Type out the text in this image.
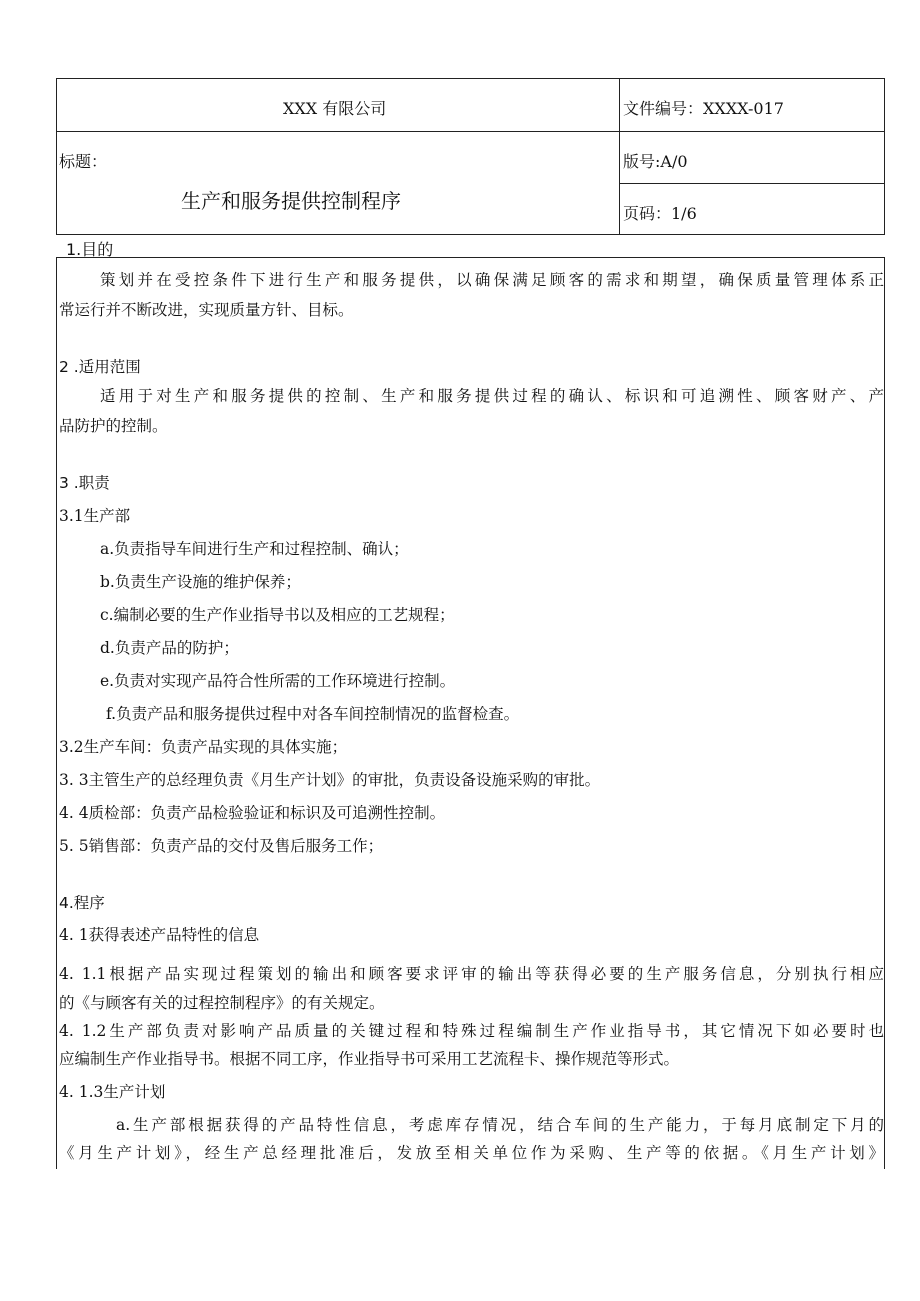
XXX 有限公司	文件编号：XXXX-017
标题：
生产和服务提供控制程序
版号:A/0
页码：1/6
1.目的
策划并在受控条件下进行生产和服务提供，以确保满足顾客的需求和期望，确保质量管理体系正
常运行并不断改进，实现质量方针、目标。
2 .适用范围
适用于对生产和服务提供的控制、生产和服务提供过程的确认、标识和可追溯性、顾客财产、产
品防护的控制。
3 .职责
3.1生产部
a.负责指导车间进行生产和过程控制、确认；
b.负责生产设施的维护保养；
c.编制必要的生产作业指导书以及相应的工艺规程；
d.负责产品的防护；
e.负责对实现产品符合性所需的工作环境进行控制。
f.负责产品和服务提供过程中对各车间控制情况的监督检查。
3.2生产车间：负责产品实现的具体实施；
3. 3主管生产的总经理负责《月生产计划》的审批，负责设备设施采购的审批。
4. 4质检部：负责产品检验验证和标识及可追溯性控制。
5. 5销售部：负责产品的交付及售后服务工作；
4.程序
4. 1获得表述产品特性的信息
4. 1.1根据产品实现过程策划的输出和顾客要求评审的输出等获得必要的生产服务信息，分别执行相应
的《与顾客有关的过程控制程序》的有关规定。
4. 1.2生产部负责对影响产品质量的关键过程和特殊过程编制生产作业指导书，其它情况下如必要时也
应编制生产作业指导书。根据不同工序，作业指导书可采用工艺流程卡、操作规范等形式。
4. 1.3生产计划
a.生产部根据获得的产品特性信息，考虑库存情况，结合车间的生产能力，于每月底制定下月的
《月生产计划》，经生产总经理批准后，发放至相关单位作为采购、生产等的依据。《月生产计划》
